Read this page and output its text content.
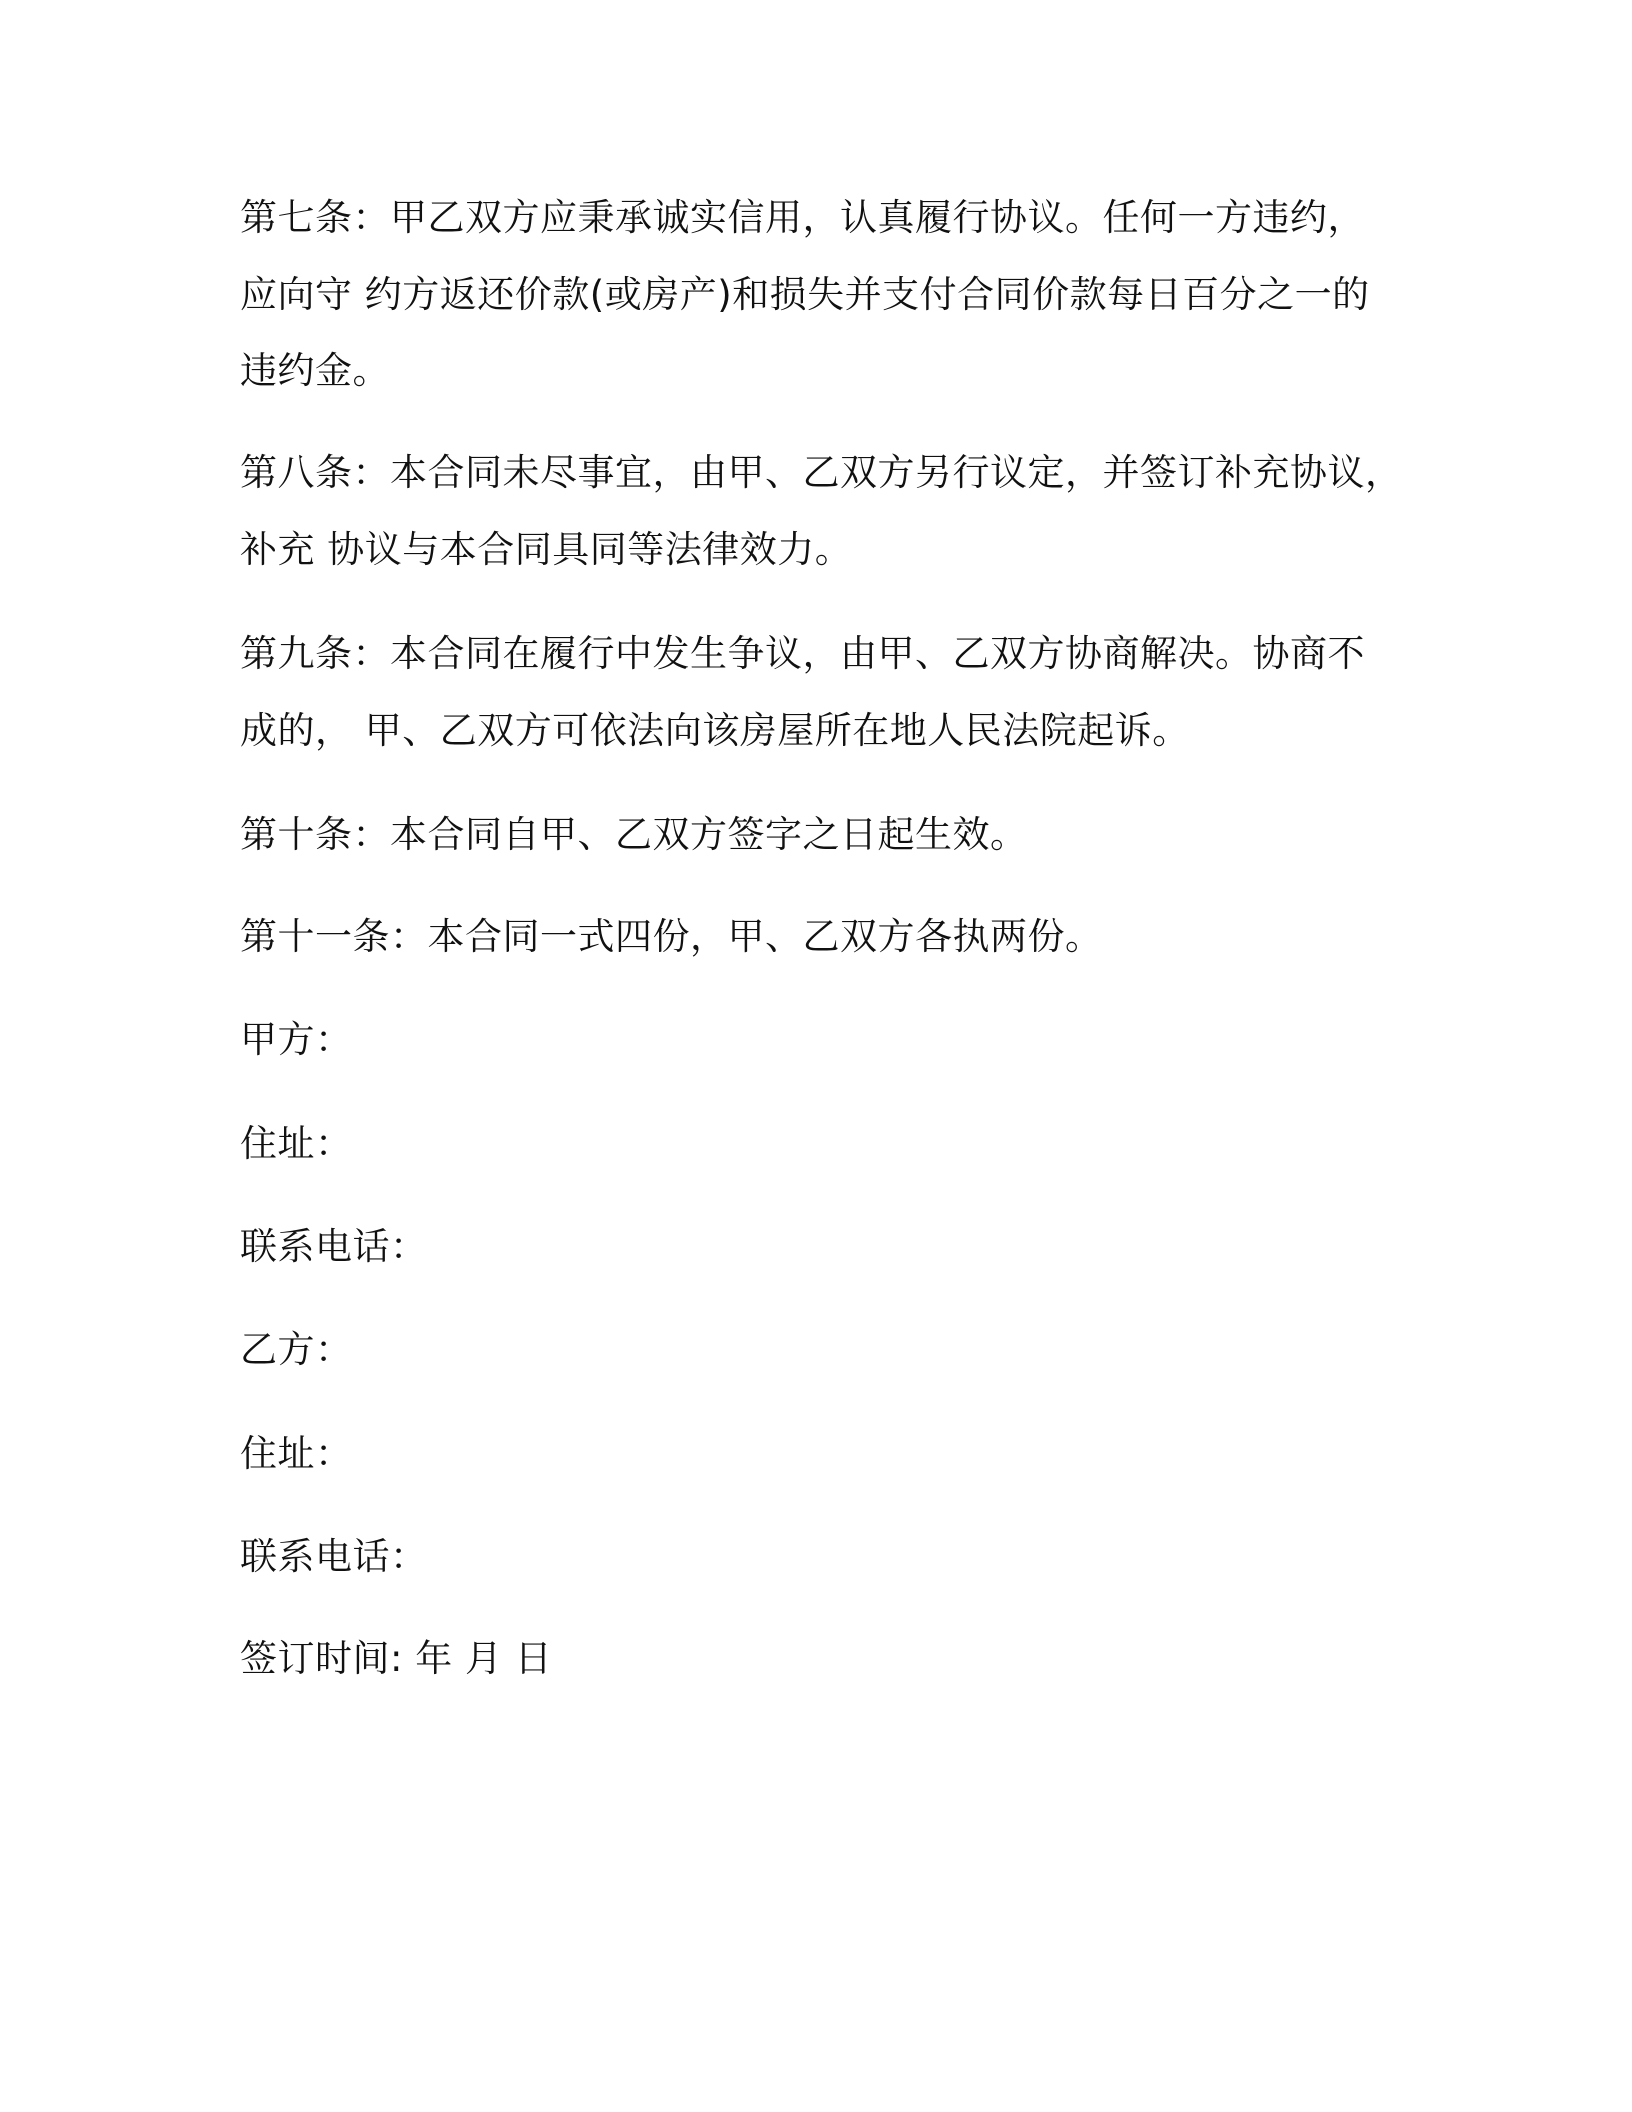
第七条：甲乙双方应秉承诚实信用，认真履行协议。任何一方违约，
应向守 约方返还价款(或房产)和损失并支付合同价款每日百分之一的
违约金。
第八条：本合同未尽事宜，由甲、乙双方另行议定，并签订补充协议，
补充 协议与本合同具同等法律效力。
第九条：本合同在履行中发生争议，由甲、乙双方协商解决。协商不
成的， 甲、乙双方可依法向该房屋所在地人民法院起诉。
第十条：本合同自甲、乙双方签字之日起生效。
第十一条：本合同一式四份，甲、乙双方各执两份。
甲方：
住址：
联系电话：
乙方：
住址：
联系电话：
签订时间: 年 月 日
